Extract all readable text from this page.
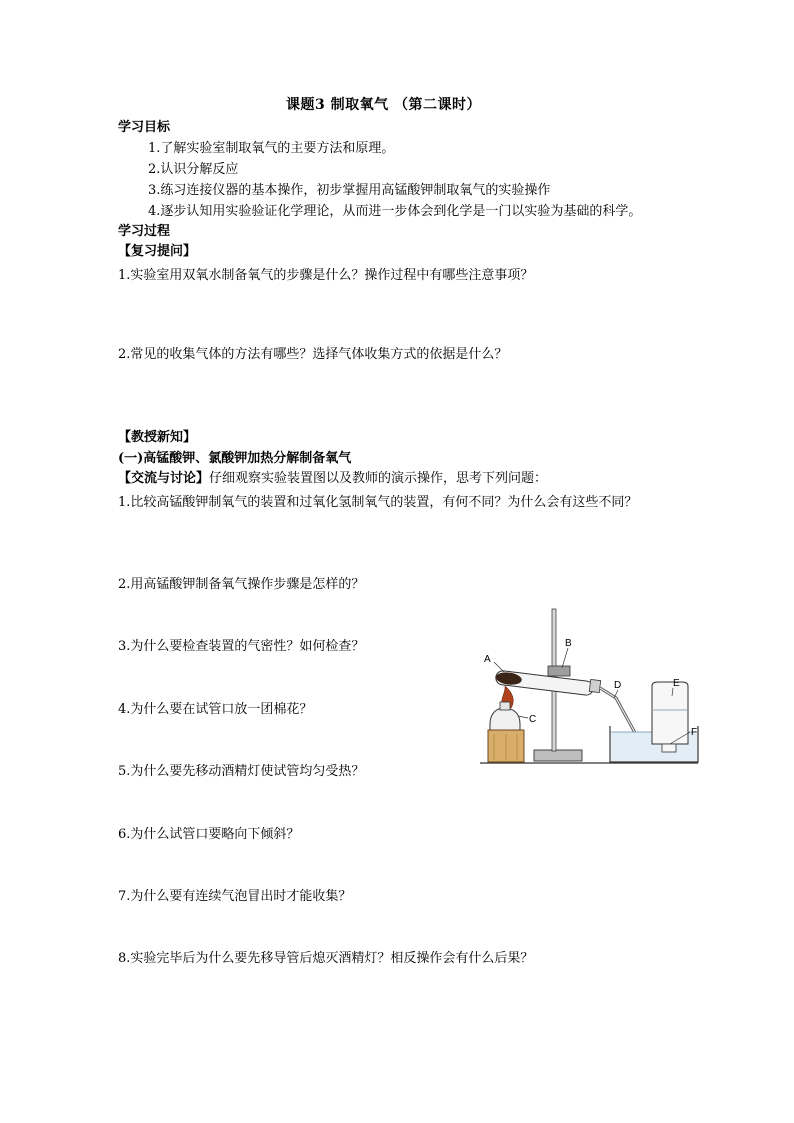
课题3 制取氧气 （第二课时）
学习目标
1.了解实验室制取氧气的主要方法和原理。
2.认识分解反应
3.练习连接仪器的基本操作，初步掌握用高锰酸钾制取氧气的实验操作
4.逐步认知用实验验证化学理论，从而进一步体会到化学是一门以实验为基础的科学。
学习过程
【复习提问】
1.实验室用双氧水制备氧气的步骤是什么？操作过程中有哪些注意事项？
2.常见的收集气体的方法有哪些？选择气体收集方式的依据是什么？
【教授新知】
(一)高锰酸钾、氯酸钾加热分解制备氧气
【交流与讨论】仔细观察实验装置图以及教师的演示操作，思考下列问题：
1.比较高锰酸钾制氧气的装置和过氧化氢制氧气的装置，有何不同？为什么会有这些不同？
2.用高锰酸钾制备氧气操作步骤是怎样的？
3.为什么要检查装置的气密性？如何检查？
4.为什么要在试管口放一团棉花？
5.为什么要先移动酒精灯使试管均匀受热？
6.为什么试管口要略向下倾斜？
7.为什么要有连续气泡冒出时才能收集？
8.实验完毕后为什么要先移导管后熄灭酒精灯？相反操作会有什么后果？
A
B
C
D	E
F
